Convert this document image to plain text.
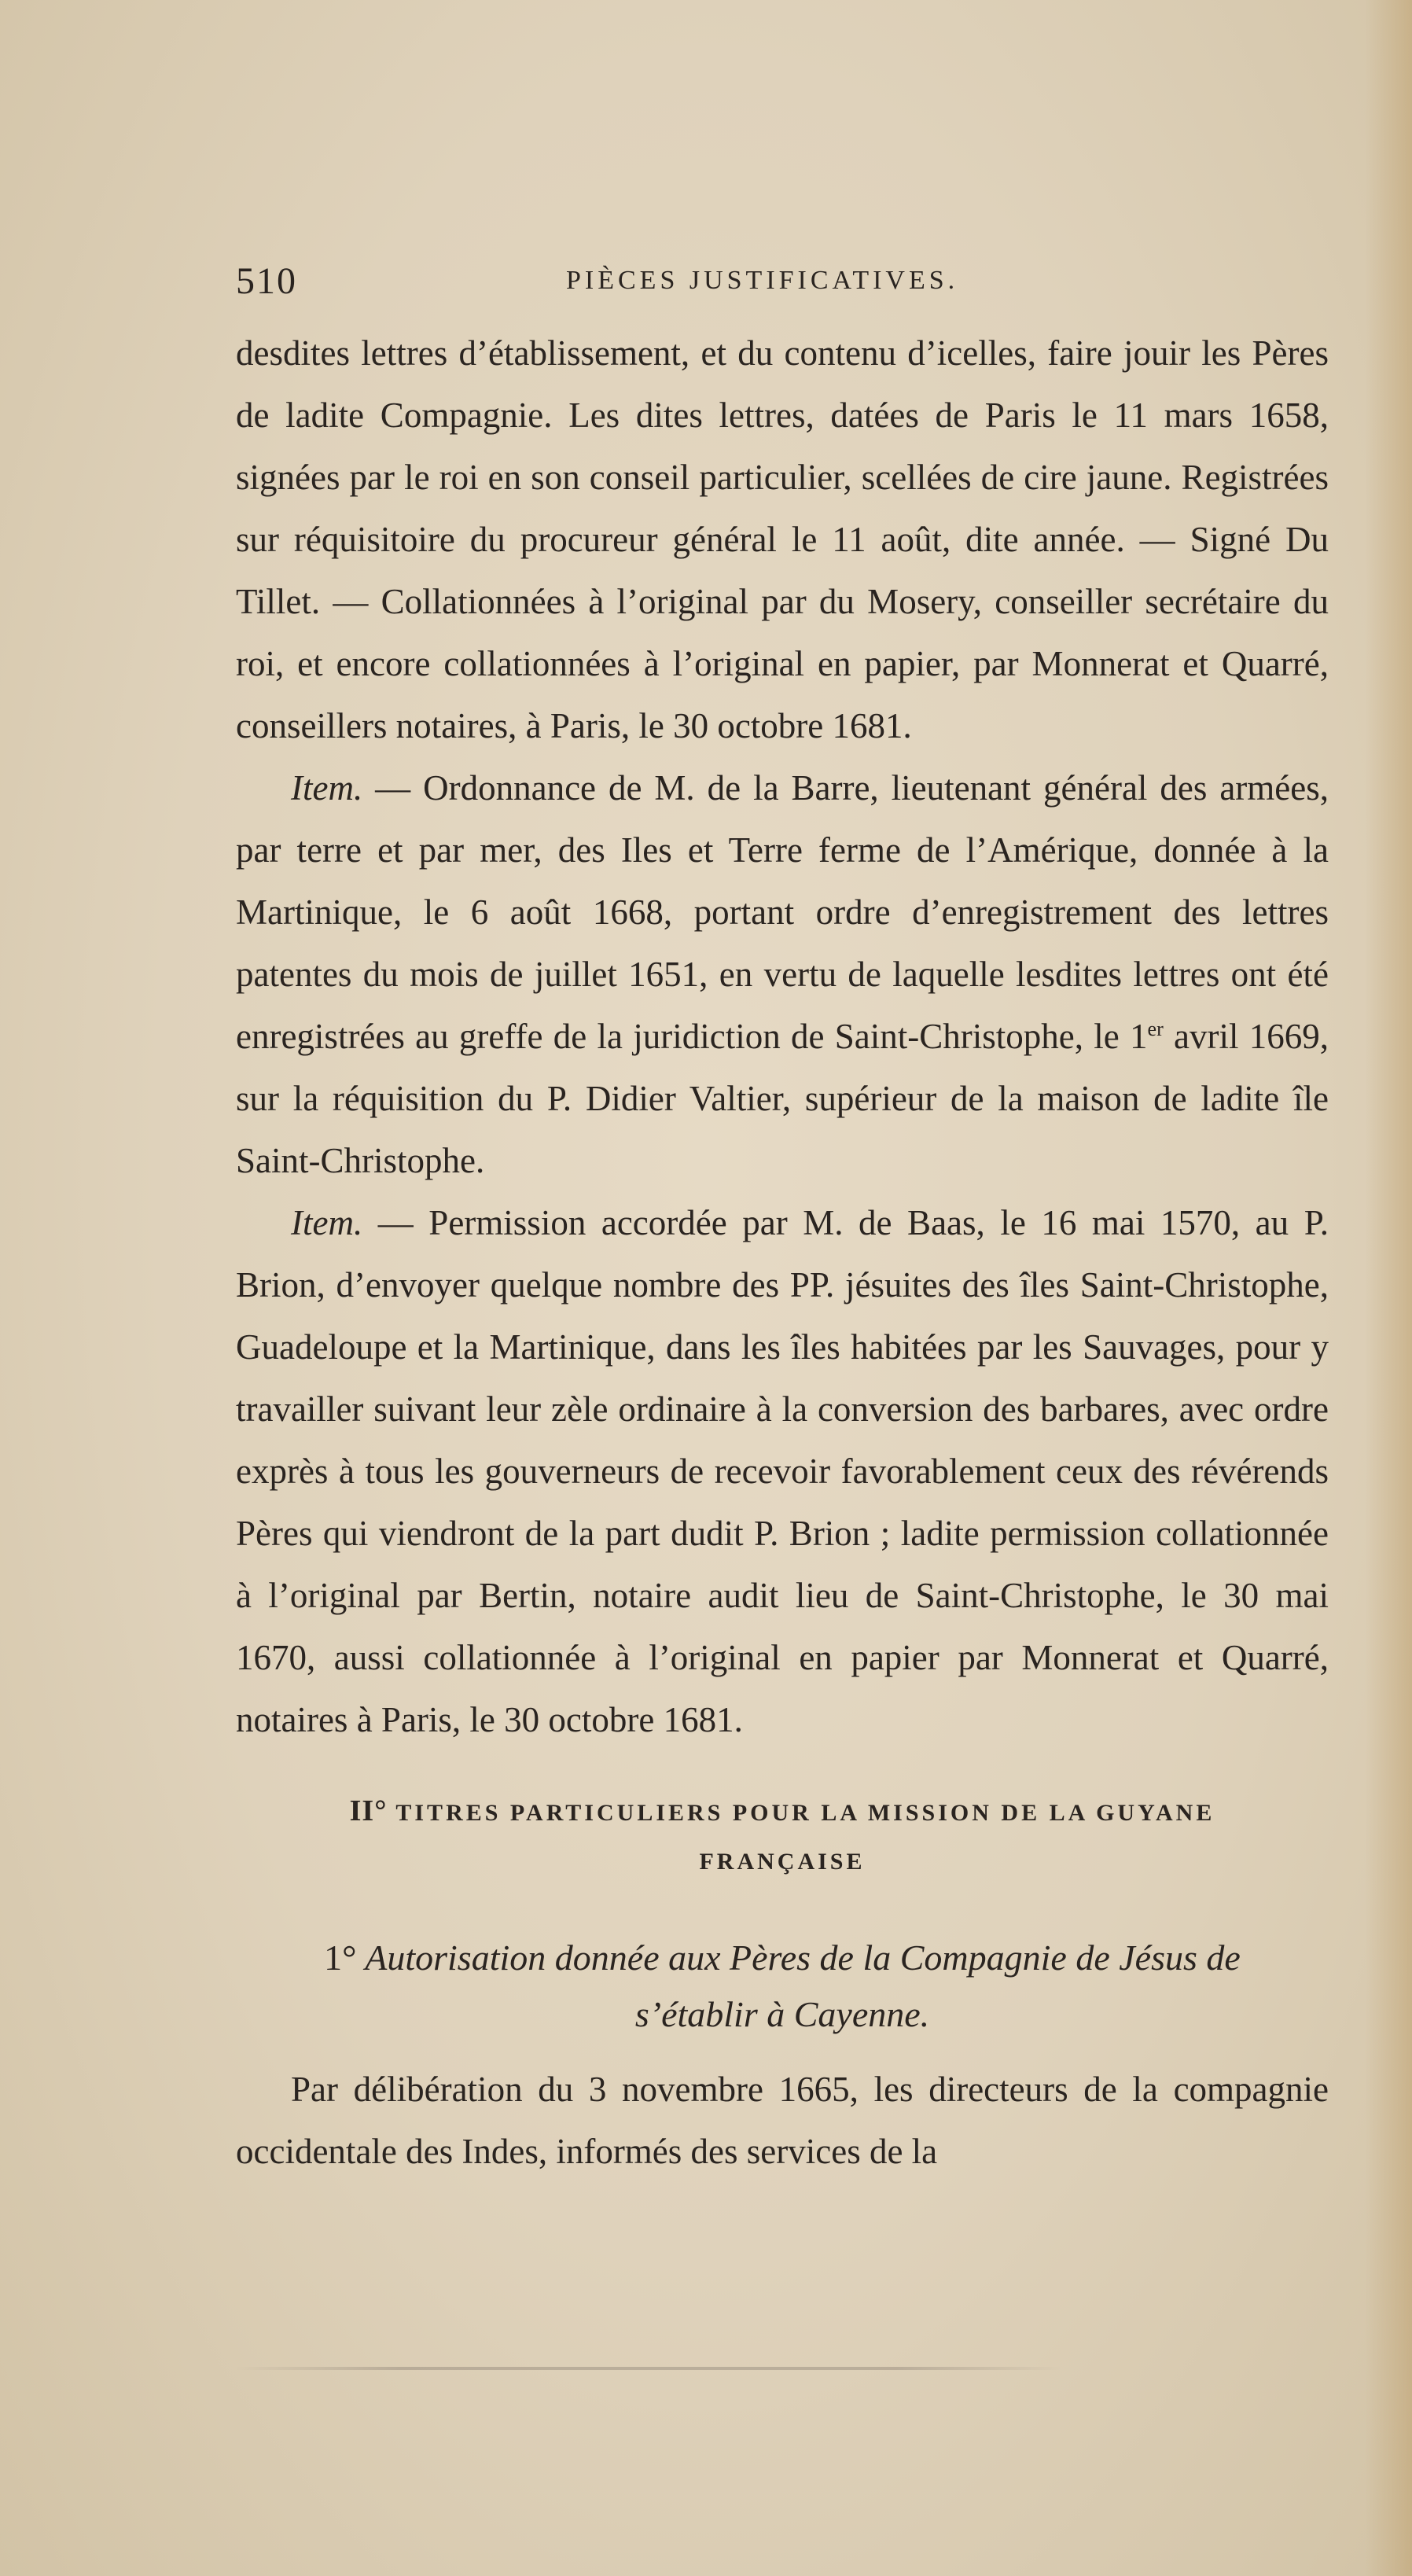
510	PIÈCES JUSTIFICATIVES.

desdites lettres d’établissement, et du contenu d’icelles, faire jouir les Pères de ladite Compagnie. Les dites lettres, datées de Paris le 11 mars 1658, signées par le roi en son conseil particulier, scellées de cire jaune. Registrées sur réquisitoire du procureur général le 11 août, dite année. — Signé Du Tillet. — Collationnées à l’original par du Mosery, conseiller secrétaire du roi, et encore collationnées à l’original en papier, par Monnerat et Quarré, conseillers notaires, à Paris, le 30 octobre 1681.

Item. — Ordonnance de M. de la Barre, lieutenant général des armées, par terre et par mer, des Iles et Terre ferme de l’Amérique, donnée à la Martinique, le 6 août 1668, portant ordre d’enregistrement des lettres patentes du mois de juillet 1651, en vertu de laquelle lesdites lettres ont été enregistrées au greffe de la juridiction de Saint-Christophe, le 1er avril 1669, sur la réquisition du P. Didier Valtier, supérieur de la maison de ladite île Saint-Christophe.

Item. — Permission accordée par M. de Baas, le 16 mai 1570, au P. Brion, d’envoyer quelque nombre des PP. jésuites des îles Saint-Christophe, Guadeloupe et la Martinique, dans les îles habitées par les Sauvages, pour y travailler suivant leur zèle ordinaire à la conversion des barbares, avec ordre exprès à tous les gouverneurs de recevoir favorablement ceux des révérends Pères qui viendront de la part dudit P. Brion ; ladite permission collationnée à l’original par Bertin, notaire audit lieu de Saint-Christophe, le 30 mai 1670, aussi collationnée à l’original en papier par Monnerat et Quarré, notaires à Paris, le 30 octobre 1681.

II° TITRES PARTICULIERS POUR LA MISSION DE LA GUYANE
FRANÇAISE
1° Autorisation donnée aux Pères de la Compagnie de Jésus de
s’établir à Cayenne.

Par délibération du 3 novembre 1665, les directeurs de la compagnie occidentale des Indes, informés des services de la
